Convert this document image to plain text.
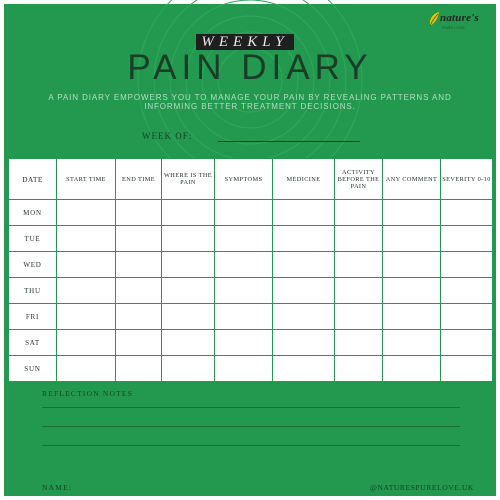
nature's
PURE LOVE
WEEKLY
PAIN DIARY
A PAIN DIARY EMPOWERS YOU TO MANAGE YOUR PAIN BY REVEALING PATTERNS AND INFORMING BETTER TREATMENT DECISIONS.
WEEK OF:
DATE	START TIME	END TIME	WHERE IS THE PAIN	SYMPTOMS	MEDICINE	ACTIVITY BEFORE THE PAIN	ANY COMMENT	SEVERITY 0-10
MON								
TUE								
WED								
THU								
FRI								
SAT								
SUN								
REFLECTION NOTES
NAME:	@NATURESPURELOVE.UK
